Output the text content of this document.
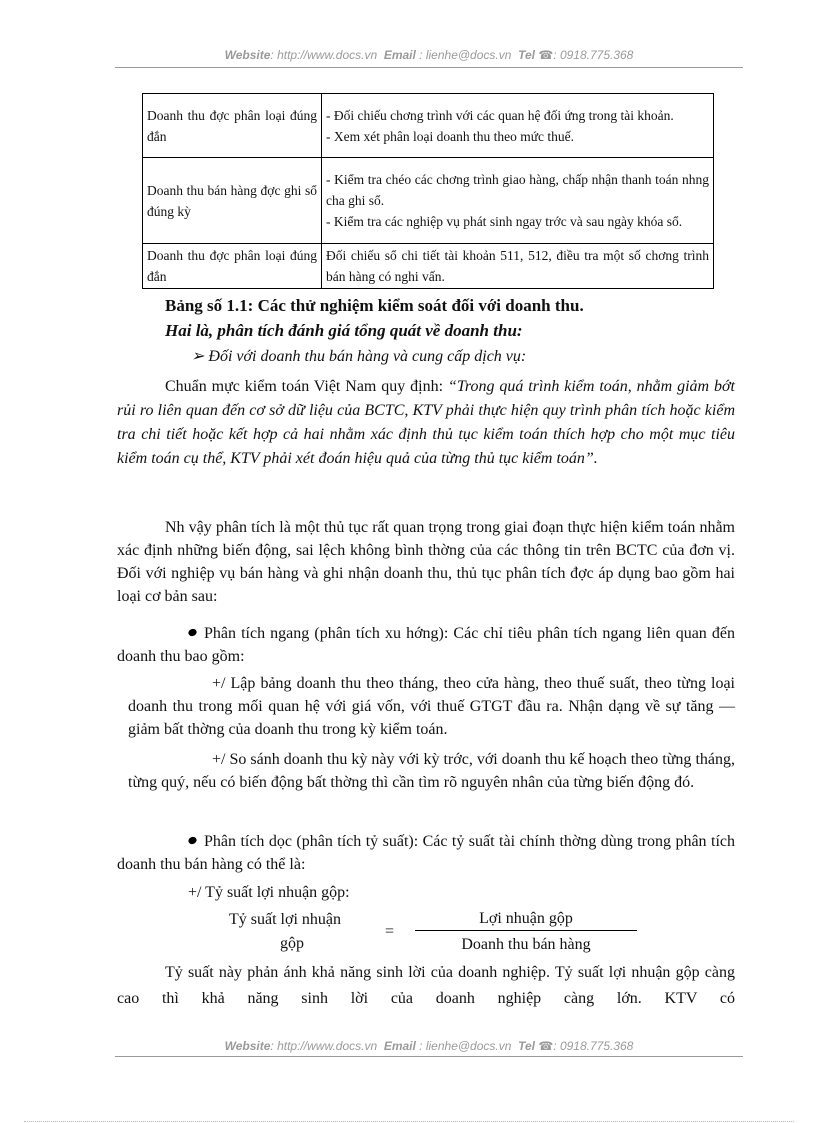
Website: http://www.docs.vn Email : lienhe@docs.vn Tel ☎: 0918.775.368
Doanh thu đợc phân loại đúng đắn	- Đối chiếu chơng trình với các quan hệ đối ứng trong tài khoản.
- Xem xét phân loại doanh thu theo mức thuế.

Doanh thu bán hàng đợc ghi sổ đúng kỳ	- Kiểm tra chéo các chơng trình giao hàng, chấp nhận thanh toán nhng cha ghi sổ.
- Kiểm tra các nghiệp vụ phát sinh ngay trớc và sau ngày khóa sổ.

Doanh thu đợc phân loại đúng đắn	Đối chiếu sổ chi tiết tài khoản 511, 512, điều tra một số chơng trình bán hàng có nghi vấn.
Bảng số 1.1: Các thử nghiệm kiểm soát đối với doanh thu.
Hai là, phân tích đánh giá tổng quát về doanh thu:
➢ Đối với doanh thu bán hàng và cung cấp dịch vụ:
Chuẩn mực kiểm toán Việt Nam quy định: “Trong quá trình kiểm toán, nhằm giảm bớt rủi ro liên quan đến cơ sở dữ liệu của BCTC, KTV phải thực hiện quy trình phân tích hoặc kiểm tra chi tiết hoặc kết hợp cả hai nhằm xác định thủ tục kiểm toán thích hợp cho một mục tiêu kiểm toán cụ thể, KTV phải xét đoán hiệu quả của từng thủ tục kiểm toán”.
Nh vậy phân tích là một thủ tục rất quan trọng trong giai đoạn thực hiện kiểm toán nhằm xác định những biến động, sai lệch không bình thờng của các thông tin trên BCTC của đơn vị. Đối với nghiệp vụ bán hàng và ghi nhận doanh thu, thủ tục phân tích đợc áp dụng bao gồm hai loại cơ bản sau:
Phân tích ngang (phân tích xu hớng): Các chỉ tiêu phân tích ngang liên quan đến doanh thu bao gồm:
+/ Lập bảng doanh thu theo tháng, theo cửa hàng, theo thuế suất, theo từng loại doanh thu trong mối quan hệ với giá vốn, với thuế GTGT đầu ra. Nhận dạng về sự tăng — giảm bất thờng của doanh thu trong kỳ kiểm toán.
+/ So sánh doanh thu kỳ này với kỳ trớc, với doanh thu kế hoạch theo từng tháng, từng quý, nếu có biến động bất thờng thì cần tìm rõ nguyên nhân của từng biến động đó.
Phân tích dọc (phân tích tỷ suất): Các tỷ suất tài chính thờng dùng trong phân tích doanh thu bán hàng có thể là:
+/ Tỷ suất lợi nhuận gộp:
Tỷ suất lợi nhuận
gộp
=
Lợi nhuận gộp
Doanh thu bán hàng
Tỷ suất này phản ánh khả năng sinh lời của doanh nghiệp. Tỷ suất lợi nhuận gộp càng cao thì khả năng sinh lời của doanh nghiệp càng lớn. KTV có
Website: http://www.docs.vn Email : lienhe@docs.vn Tel ☎: 0918.775.368
